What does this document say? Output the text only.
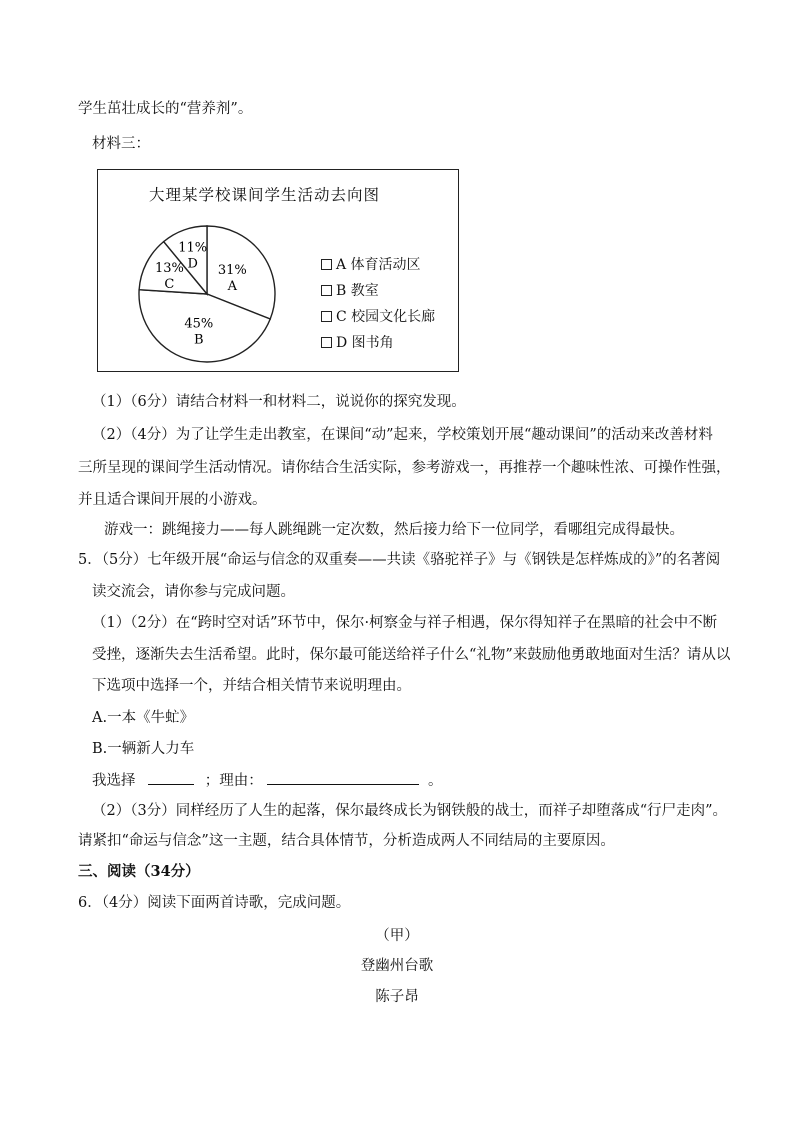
学生茁壮成长的“营养剂”。
材料三：
大理某学校课间学生活动去向图
31%
A
45%
B
13%
C
11%
D	A 体育活动区
B 教室
C 校园文化长廊
D 图书角
（1）（6分）请结合材料一和材料二，说说你的探究发现。
（2）（4分）为了让学生走出教室，在课间“动”起来，学校策划开展“趣动课间”的活动来改善材料
三所呈现的课间学生活动情况。请你结合生活实际，参考游戏一，再推荐一个趣味性浓、可操作性强，
并且适合课间开展的小游戏。
游戏一：跳绳接力——每人跳绳跳一定次数，然后接力给下一位同学，看哪组完成得最快。
5．（5分）七年级开展“命运与信念的双重奏——共读《骆驼祥子》与《钢铁是怎样炼成的》”的名著阅
读交流会，请你参与完成问题。
（1）（2分）在“跨时空对话”环节中，保尔·柯察金与祥子相遇，保尔得知祥子在黑暗的社会中不断
受挫，逐渐失去生活希望。此时，保尔最可能送给祥子什么“礼物”来鼓励他勇敢地面对生活？请从以
下选项中选择一个，并结合相关情节来说明理由。
A.一本《牛虻》
B.一辆新人力车
我选择	；理由：	。
（2）（3分）同样经历了人生的起落，保尔最终成长为钢铁般的战士，而祥子却堕落成“行尸走肉”。
请紧扣“命运与信念”这一主题，结合具体情节，分析造成两人不同结局的主要原因。
三、阅读（34分）
6．（4分）阅读下面两首诗歌，完成问题。
（甲）
登幽州台歌
陈子昂
